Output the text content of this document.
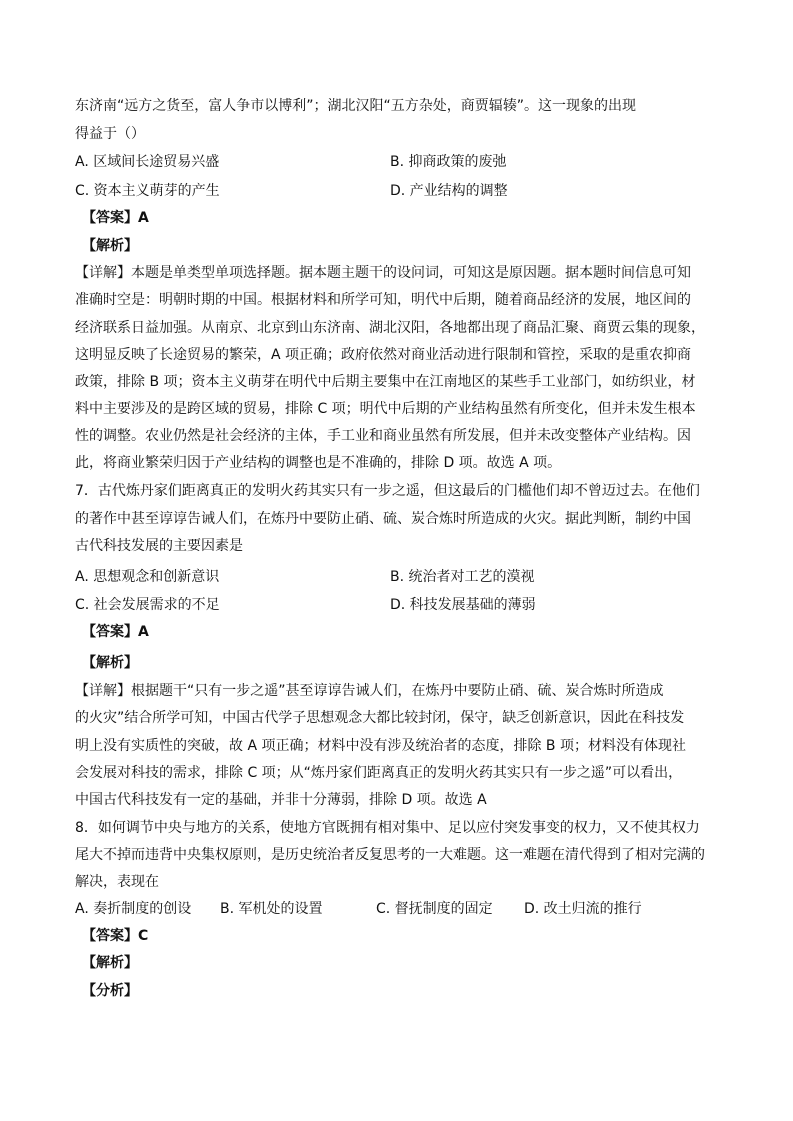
东济南“远方之货至，富人争市以博利”；湖北汉阳“五方杂处，商贾辐辏”。这一现象的出现
得益于（）
A. 区域间长途贸易兴盛	B. 抑商政策的废弛
C. 资本主义萌芽的产生	D. 产业结构的调整
【答案】A
【解析】
【详解】本题是单类型单项选择题。据本题主题干的设问词，可知这是原因题。据本题时间信息可知
准确时空是：明朝时期的中国。根据材料和所学可知，明代中后期，随着商品经济的发展，地区间的
经济联系日益加强。从南京、北京到山东济南、湖北汉阳，各地都出现了商品汇聚、商贾云集的现象，
这明显反映了长途贸易的繁荣，A 项正确；政府依然对商业活动进行限制和管控，采取的是重农抑商
政策，排除 B 项；资本主义萌芽在明代中后期主要集中在江南地区的某些手工业部门，如纺织业，材
料中主要涉及的是跨区域的贸易，排除 C 项；明代中后期的产业结构虽然有所变化，但并未发生根本
性的调整。农业仍然是社会经济的主体，手工业和商业虽然有所发展，但并未改变整体产业结构。因
此，将商业繁荣归因于产业结构的调整也是不准确的，排除 D 项。故选 A 项。
7．古代炼丹家们距离真正的发明火药其实只有一步之遥，但这最后的门槛他们却不曾迈过去。在他们
的著作中甚至谆谆告诫人们，在炼丹中要防止硝、硫、炭合炼时所造成的火灾。据此判断，制约中国
古代科技发展的主要因素是
A. 思想观念和创新意识	B. 统治者对工艺的漠视
C. 社会发展需求的不足	D. 科技发展基础的薄弱
【答案】A
【解析】
【详解】根据题干“只有一步之遥”甚至谆谆告诫人们，在炼丹中要防止硝、硫、炭合炼时所造成
的火灾”结合所学可知，中国古代学子思想观念大都比较封闭，保守，缺乏创新意识，因此在科技发
明上没有实质性的突破，故 A 项正确；材料中没有涉及统治者的态度，排除 B 项；材料没有体现社
会发展对科技的需求，排除 C 项；从“炼丹家们距离真正的发明火药其实只有一步之遥”可以看出，
中国古代科技发有一定的基础，并非十分薄弱，排除 D 项。故选 A
8．如何调节中央与地方的关系，使地方官既拥有相对集中、足以应付突发事变的权力，又不使其权力
尾大不掉而违背中央集权原则，是历史统治者反复思考的一大难题。这一难题在清代得到了相对完满的
解决，表现在
A. 奏折制度的创设 B. 军机处的设置	C. 督抚制度的固定 D. 改土归流的推行
【答案】C
【解析】
【分析】
